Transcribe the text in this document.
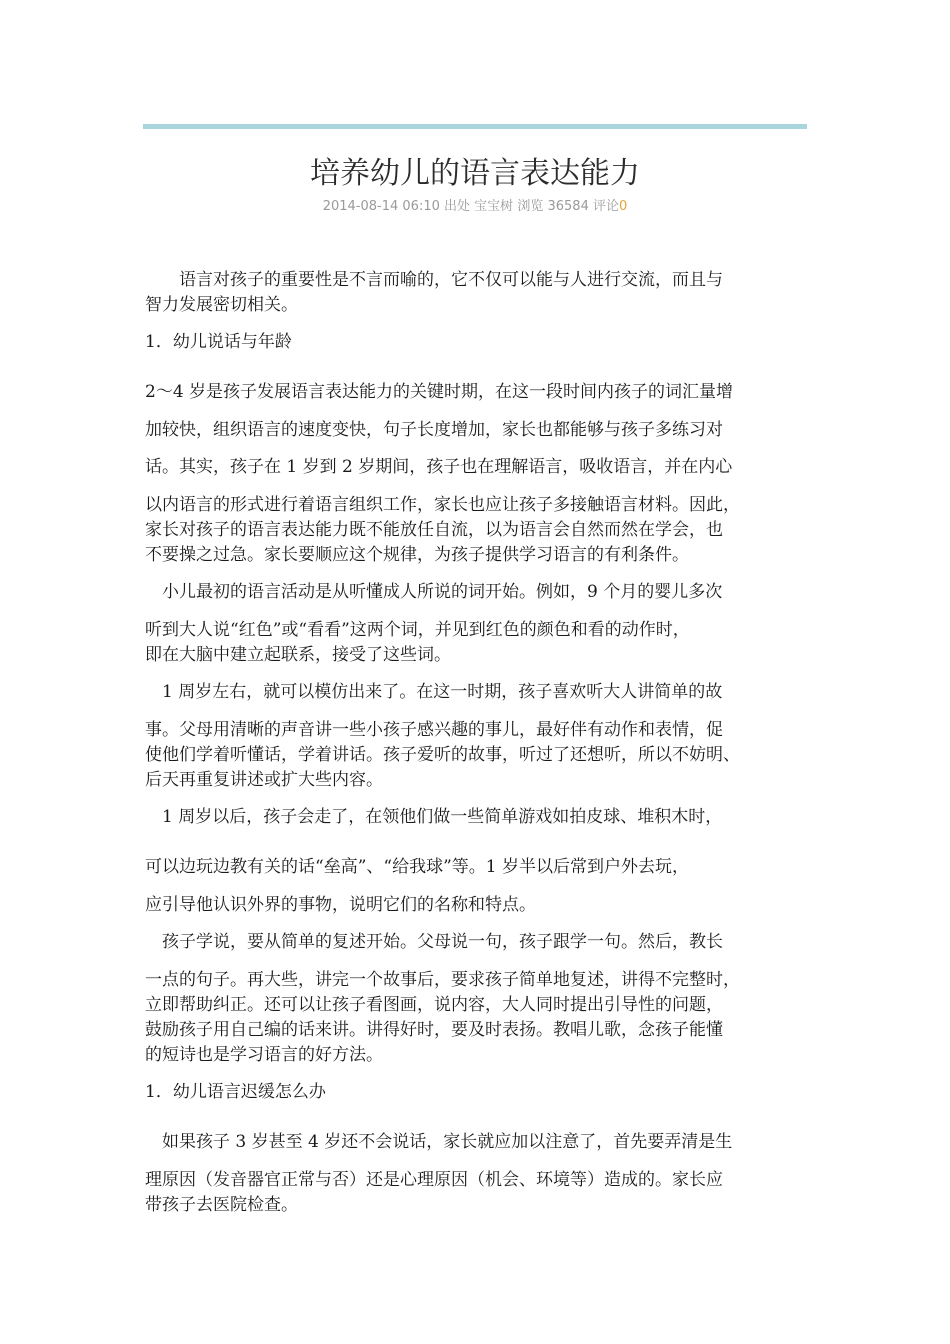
培养幼儿的语言表达能力
2014-08-14 06:10 出处 宝宝树 浏览 36584 评论0
　　语言对孩子的重要性是不言而喻的，它不仅可以能与人进行交流，而且与
智力发展密切相关。
1．幼儿说话与年龄
2～4 岁是孩子发展语言表达能力的关键时期，在这一段时间内孩子的词汇量增
加较快，组织语言的速度变快，句子长度增加，家长也都能够与孩子多练习对
话。其实，孩子在 1 岁到 2 岁期间，孩子也在理解语言，吸收语言，并在内心
以内语言的形式进行着语言组织工作，家长也应让孩子多接触语言材料。因此，
家长对孩子的语言表达能力既不能放任自流，以为语言会自然而然在学会，也
不要操之过急。家长要顺应这个规律，为孩子提供学习语言的有利条件。
　小儿最初的语言活动是从听懂成人所说的词开始。例如，9 个月的婴儿多次
听到大人说“红色”或“看看”这两个词，并见到红色的颜色和看的动作时，
即在大脑中建立起联系，接受了这些词。
　1 周岁左右，就可以模仿出来了。在这一时期，孩子喜欢听大人讲简单的故
事。父母用清晰的声音讲一些小孩子感兴趣的事儿，最好伴有动作和表情，促
使他们学着听懂话，学着讲话。孩子爱听的故事，听过了还想听，所以不妨明、
后天再重复讲述或扩大些内容。
　1 周岁以后，孩子会走了，在领他们做一些简单游戏如拍皮球、堆积木时，
可以边玩边教有关的话“垒高”、“给我球”等。1 岁半以后常到户外去玩，
应引导他认识外界的事物，说明它们的名称和特点。
　孩子学说，要从简单的复述开始。父母说一句，孩子跟学一句。然后，教长
一点的句子。再大些，讲完一个故事后，要求孩子简单地复述，讲得不完整时，
立即帮助纠正。还可以让孩子看图画，说内容，大人同时提出引导性的问题，
鼓励孩子用自己编的话来讲。讲得好时，要及时表扬。教唱儿歌，念孩子能懂
的短诗也是学习语言的好方法。
1．幼儿语言迟缓怎么办
　如果孩子 3 岁甚至 4 岁还不会说话，家长就应加以注意了，首先要弄清是生
理原因（发音器官正常与否）还是心理原因（机会、环境等）造成的。家长应
带孩子去医院检查。
